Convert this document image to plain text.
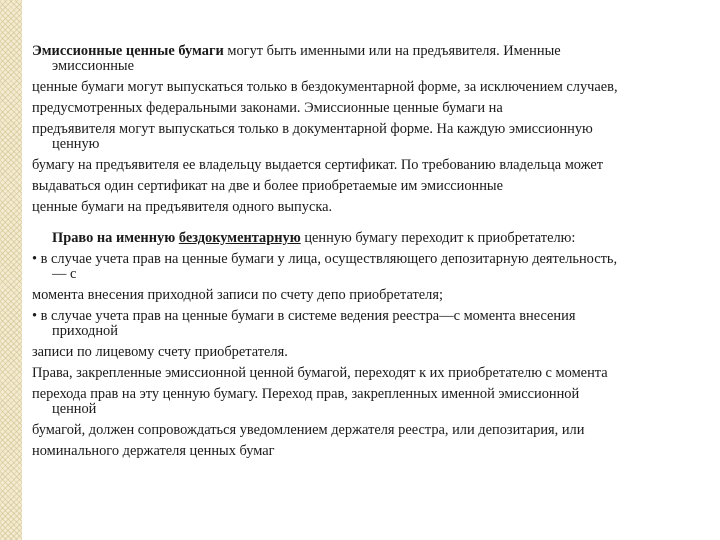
Эмиссионные ценные бумаги могут быть именными или на предъявителя. Именные
эмиссионные
ценные бумаги могут выпускаться только в бездокументарной форме, за исключением случаев,
предусмотренных федеральными законами. Эмиссионные ценные бумаги на
предъявителя могут выпускаться только в документарной форме. На каждую эмиссионную
ценную
бумагу на предъявителя ее владельцу выдается сертификат. По требованию владельца может
выдаваться один сертификат на две и более приобретаемые им эмиссионные
ценные бумаги на предъявителя одного выпуска.
Право на именную бездокументарную ценную бумагу переходит к приобретателю:
• в случае учета прав на ценные бумаги у лица, осуществляющего депозитарную деятельность,
— с
момента внесения приходной записи по счету депо приобретателя;
• в случае учета прав на ценные бумаги в системе ведения реестра—с момента внесения
приходной
записи по лицевому счету приобретателя.
Права, закрепленные эмиссионной ценной бумагой, переходят к их приобретателю с момента
перехода прав на эту ценную бумагу. Переход прав, закрепленных именной эмиссионной
ценной
бумагой, должен сопровождаться уведомлением держателя реестра, или депозитария, или
номинального держателя ценных бумаг
